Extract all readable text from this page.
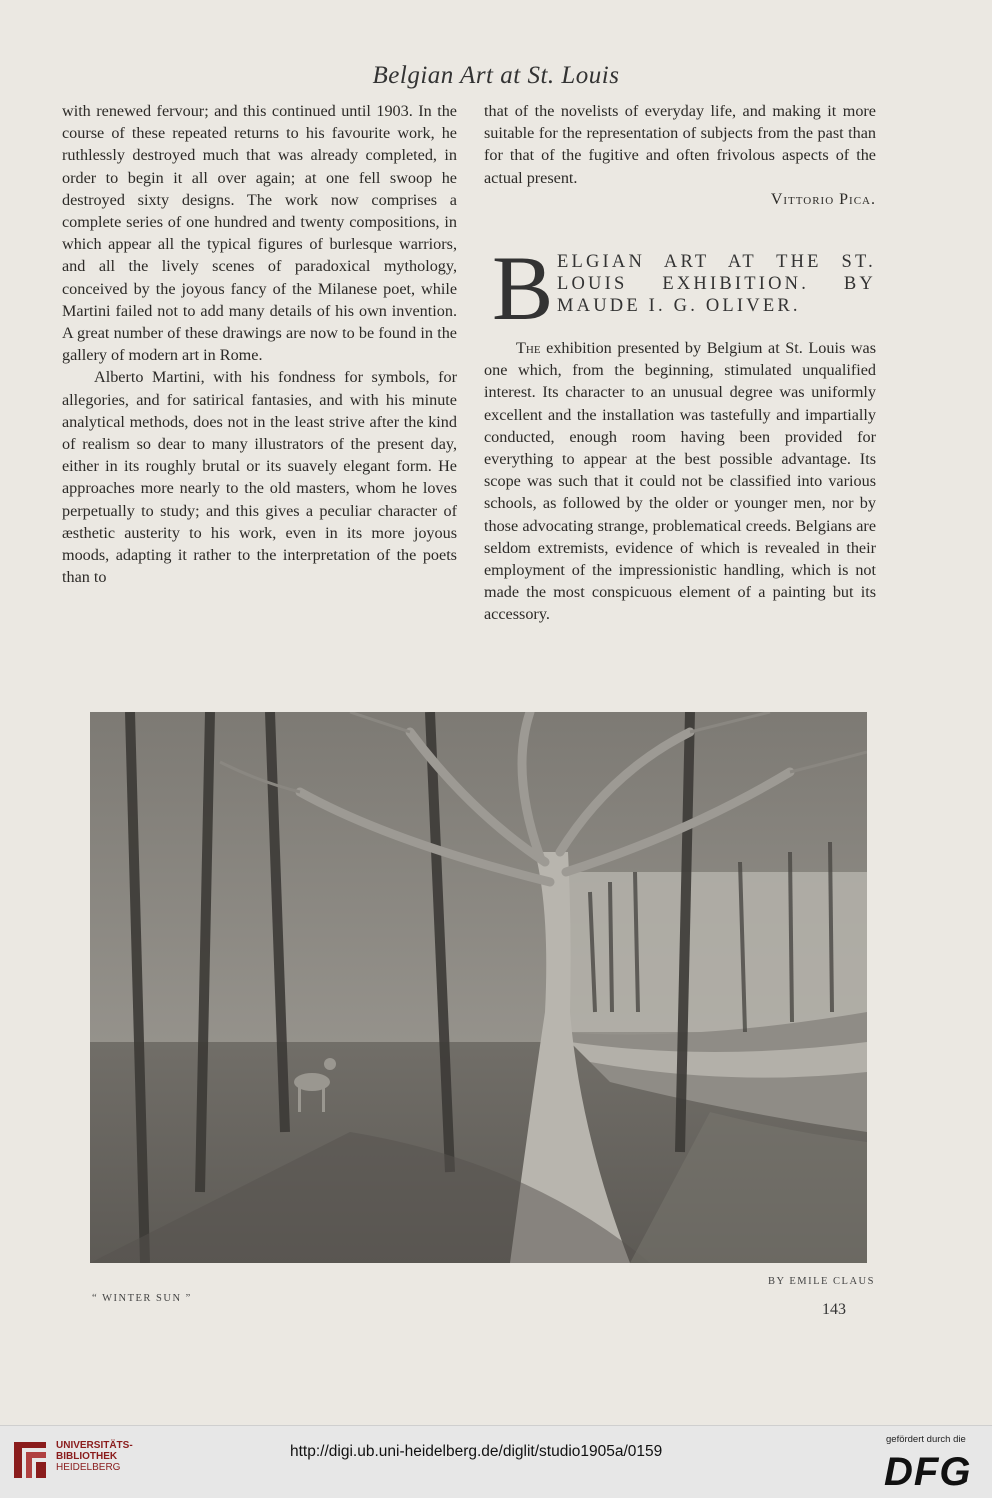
Belgian Art at St. Louis

with renewed fervour; and this continued until 1903. In the course of these repeated returns to his favourite work, he ruthlessly destroyed much that was already completed, in order to begin it all over again; at one fell swoop he destroyed sixty designs. The work now comprises a complete series of one hundred and twenty compositions, in which appear all the typical figures of burlesque warriors, and all the lively scenes of paradoxical mythology, conceived by the joyous fancy of the Milanese poet, while Martini failed not to add many details of his own invention. A great number of these drawings are now to be found in the gallery of modern art in Rome.

Alberto Martini, with his fondness for symbols, for allegories, and for satirical fantasies, and with his minute analytical methods, does not in the least strive after the kind of realism so dear to many illustrators of the present day, either in its roughly brutal or its suavely elegant form. He approaches more nearly to the old masters, whom he loves perpetually to study; and this gives a peculiar character of æsthetic austerity to his work, even in its more joyous moods, adapting it rather to the interpretation of the poets than to

that of the novelists of everyday life, and making it more suitable for the representation of subjects from the past than for that of the fugitive and often frivolous aspects of the actual present.

Vittorio Pica.

B ELGIAN ART AT THE ST. LOUIS EXHIBITION. BY MAUDE I. G. OLIVER.

The exhibition presented by Belgium at St. Louis was one which, from the beginning, stimulated unqualified interest. Its character to an unusual degree was uniformly excellent and the installation was tastefully and impartially conducted, enough room having been provided for everything to appear at the best possible advantage. Its scope was such that it could not be classified into various schools, as followed by the older or younger men, nor by those advocating strange, problematical creeds. Belgians are seldom extremists, evidence of which is revealed in their employment of the impressionistic handling, which is not made the most conspicuous element of a painting but its accessory.

BY EMILE CLAUS
“ WINTER SUN ”
143
UNIVERSITÄTS-
BIBLIOTHEK
HEIDELBERG
http://digi.ub.uni-heidelberg.de/diglit/studio1905a/0159
gefördert durch die
DFG
